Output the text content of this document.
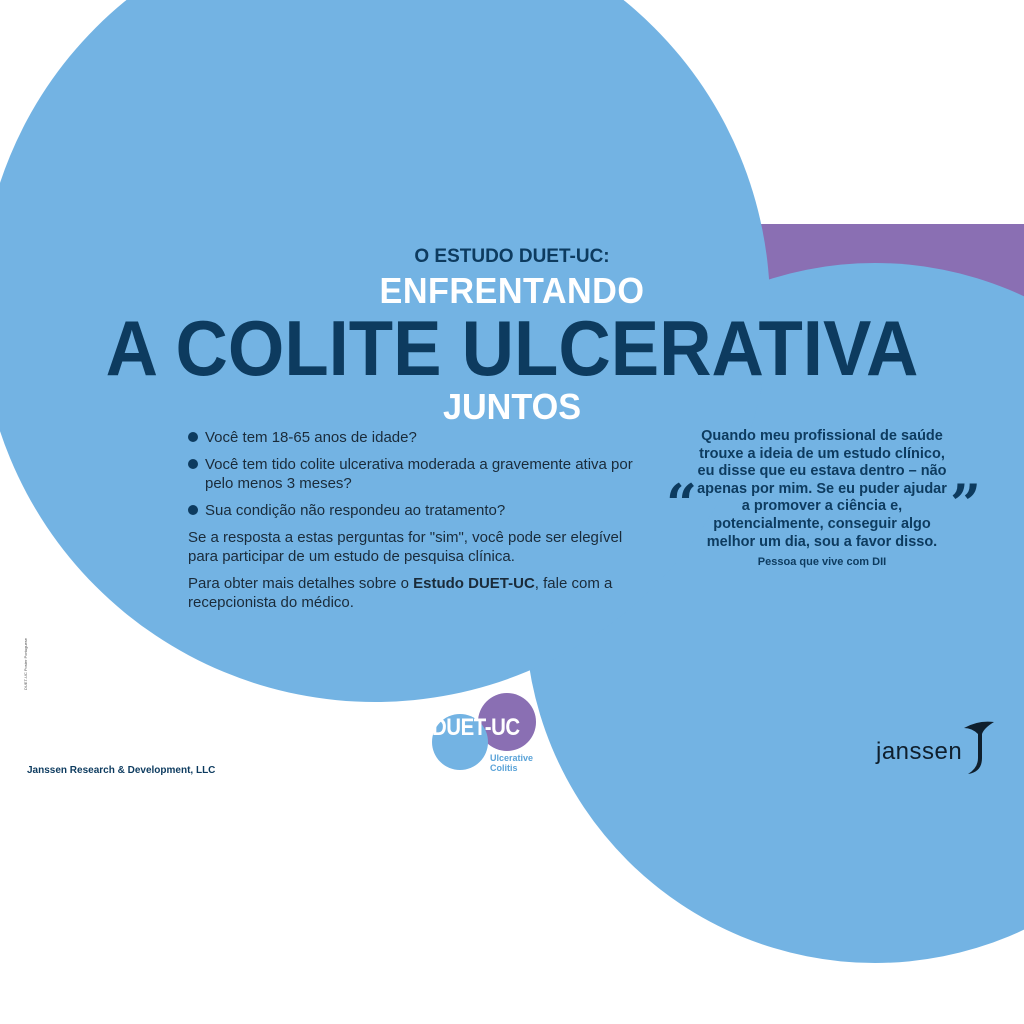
O ESTUDO DUET-UC:
ENFRENTANDO
A COLITE ULCERATIVA
JUNTOS
Você tem 18-65 anos de idade?
Você tem tido colite ulcerativa moderada a gravemente ativa por pelo menos 3 meses?
Sua condição não respondeu ao tratamento?
Se a resposta a estas perguntas for "sim", você pode ser elegível para participar de um estudo de pesquisa clínica.
Para obter mais detalhes sobre o Estudo DUET-UC, fale com a recepcionista do médico.
“	”
Quando meu profissional de saúde trouxe a ideia de um estudo clínico, eu disse que eu estava dentro – não apenas por mim. Se eu puder ajudar a promover a ciência e, potencialmente, conseguir algo melhor um dia, sou a favor disso.
Pessoa que vive com DII
DUET-UC
Ulcerative
Colitis
DUET-UC Poster Portuguese
Janssen Research & Development, LLC
janssen
